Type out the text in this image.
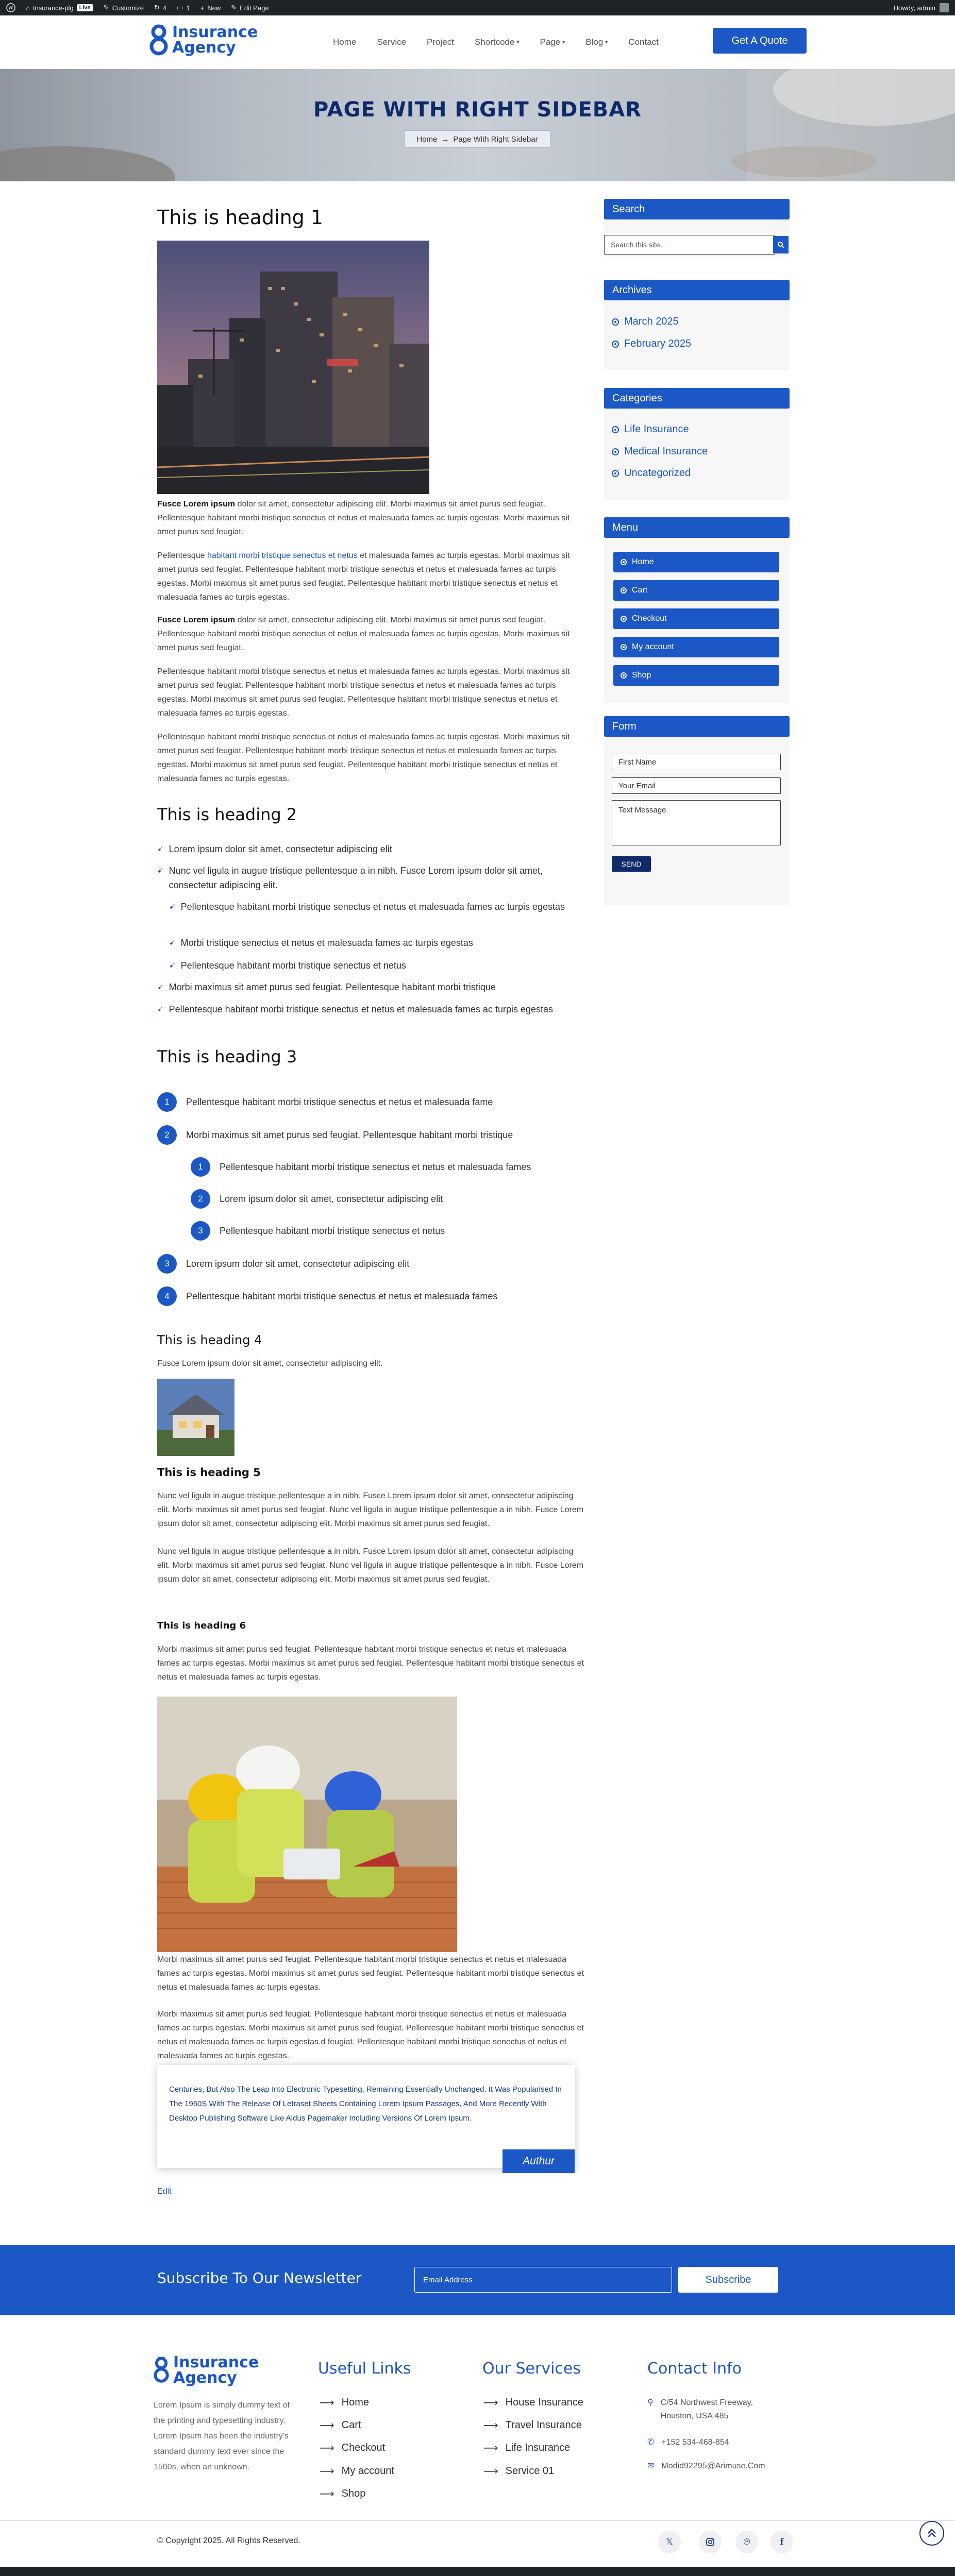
W ⌂ Insurance-plg	Live	✎ Customize ↻ 4 ▭ 1 + New ✎ Edit Page	Howdy, admin
Insurance
Agency	Home Service Project Shortcode ▾ Page ▾ Blog ▾ Contact	Get A Quote
PAGE WITH RIGHT SIDEBAR
Home → Page With Right Sidebar
This is heading 1
Fusce Lorem ipsum dolor sit amet, consectetur adipiscing elit. Morbi maximus sit amet purus sed feugiat. Pellentesque habitant morbi tristique senectus et netus et malesuada fames ac turpis egestas. Morbi maximus sit amet purus sed feugiat.
Pellentesque habitant morbi tristique senectus et netus et malesuada fames ac turpis egestas. Morbi maximus sit amet purus sed feugiat. Pellentesque habitant morbi tristique senectus et netus et malesuada fames ac turpis egestas. Morbi maximus sit amet purus sed feugiat. Pellentesque habitant morbi tristique senectus et netus et malesuada fames ac turpis egestas.
Fusce Lorem ipsum dolor sit amet, consectetur adipiscing elit. Morbi maximus sit amet purus sed feugiat. Pellentesque habitant morbi tristique senectus et netus et malesuada fames ac turpis egestas. Morbi maximus sit amet purus sed feugiat.
Pellentesque habitant morbi tristique senectus et netus et malesuada fames ac turpis egestas. Morbi maximus sit amet purus sed feugiat. Pellentesque habitant morbi tristique senectus et netus et malesuada fames ac turpis egestas. Morbi maximus sit amet purus sed feugiat. Pellentesque habitant morbi tristique senectus et netus et malesuada fames ac turpis egestas.
Pellentesque habitant morbi tristique senectus et netus et malesuada fames ac turpis egestas. Morbi maximus sit amet purus sed feugiat. Pellentesque habitant morbi tristique senectus et netus et malesuada fames ac turpis egestas. Morbi maximus sit amet purus sed feugiat. Pellentesque habitant morbi tristique senectus et netus et malesuada fames ac turpis egestas.
This is heading 2
➹ Lorem ipsum dolor sit amet, consectetur adipiscing elit
➹ Nunc vel ligula in augue tristique pellentesque a in nibh. Fusce Lorem ipsum dolor sit amet, consectetur adipiscing elit.
➹ Pellentesque habitant morbi tristique senectus et netus et malesuada fames ac turpis egestas
➹ Morbi tristique senectus et netus et malesuada fames ac turpis egestas
➹ Pellentesque habitant morbi tristique senectus et netus
➹ Morbi maximus sit amet purus sed feugiat. Pellentesque habitant morbi tristique
➹ Pellentesque habitant morbi tristique senectus et netus et malesuada fames ac turpis egestas
This is heading 3
1	Pellentesque habitant morbi tristique senectus et netus et malesuada fame
2	Morbi maximus sit amet purus sed feugiat. Pellentesque habitant morbi tristique
1	Pellentesque habitant morbi tristique senectus et netus et malesuada fames
2	Lorem ipsum dolor sit amet, consectetur adipiscing elit
3	Pellentesque habitant morbi tristique senectus et netus
3	Lorem ipsum dolor sit amet, consectetur adipiscing elit
4	Pellentesque habitant morbi tristique senectus et netus et malesuada fames
This is heading 4
Fusce Lorem ipsum dolor sit amet, consectetur adipiscing elit.
This is heading 5
Nunc vel ligula in augue tristique pellentesque a in nibh. Fusce Lorem ipsum dolor sit amet, consectetur adipiscing elit. Morbi maximus sit amet purus sed feugiat. Nunc vel ligula in augue tristique pellentesque a in nibh. Fusce Lorem ipsum dolor sit amet, consectetur adipiscing elit. Morbi maximus sit amet purus sed feugiat.
Nunc vel ligula in augue tristique pellentesque a in nibh. Fusce Lorem ipsum dolor sit amet, consectetur adipiscing elit. Morbi maximus sit amet purus sed feugiat. Nunc vel ligula in augue tristique pellentesque a in nibh. Fusce Lorem ipsum dolor sit amet, consectetur adipiscing elit. Morbi maximus sit amet purus sed feugiat.
This is heading 6
Morbi maximus sit amet purus sed feugiat. Pellentesque habitant morbi tristique senectus et netus et malesuada fames ac turpis egestas. Morbi maximus sit amet purus sed feugiat. Pellentesque habitant morbi tristique senectus et netus et malesuada fames ac turpis egestas.
Morbi maximus sit amet purus sed feugiat. Pellentesque habitant morbi tristique senectus et netus et malesuada fames ac turpis egestas. Morbi maximus sit amet purus sed feugiat. Pellentesque habitant morbi tristique senectus et netus et malesuada fames ac turpis egestas.
Morbi maximus sit amet purus sed feugiat. Pellentesque habitant morbi tristique senectus et netus et malesuada fames ac turpis egestas. Morbi maximus sit amet purus sed feugiat. Pellentesque habitant morbi tristique senectus et netus et malesuada fames ac turpis egestas.d feugiat. Pellentesque habitant morbi tristique senectus et netus et malesuada fames ac turpis egestas.
Centuries, But Also The Leap Into Electronic Typesetting, Remaining Essentially Unchanged. It Was Popularised In The 1960S With The Release Of Letraset Sheets Containing Lorem Ipsum Passages, And More Recently With Desktop Publishing Software Like Aldus Pagemaker Including Versions Of Lorem Ipsum.
Authur
Edit
Search
Search this site...
Archives
March 2025
February 2025
Categories
Life Insurance
Medical Insurance
Uncategorized
Menu
Home
Cart
Checkout
My account
Shop
Form
First Name
Your Email
Text Message
SEND
Subscribe To Our Newsletter	Email Address	Subscribe
Insurance
Agency
Lorem Ipsum is simply dummy text of the printing and typesetting industry. Lorem Ipsum has been the industry's standard dummy text ever since the 1500s, when an unknown.
Useful Links
⟶ Home
⟶ Cart
⟶ Checkout
⟶ My account
⟶ Shop
Our Services
⟶ House Insurance
⟶ Travel Insurance
⟶ Life Insurance
⟶ Service 01
Contact Info
⚲ C/54 Northwest Freeway, Houston, USA 485
✆ +152 534-468-854
✉ Modid92295@Arimuse.Com
© Copyright 2025. All Rights Reserved.	𝕏	℗	f
